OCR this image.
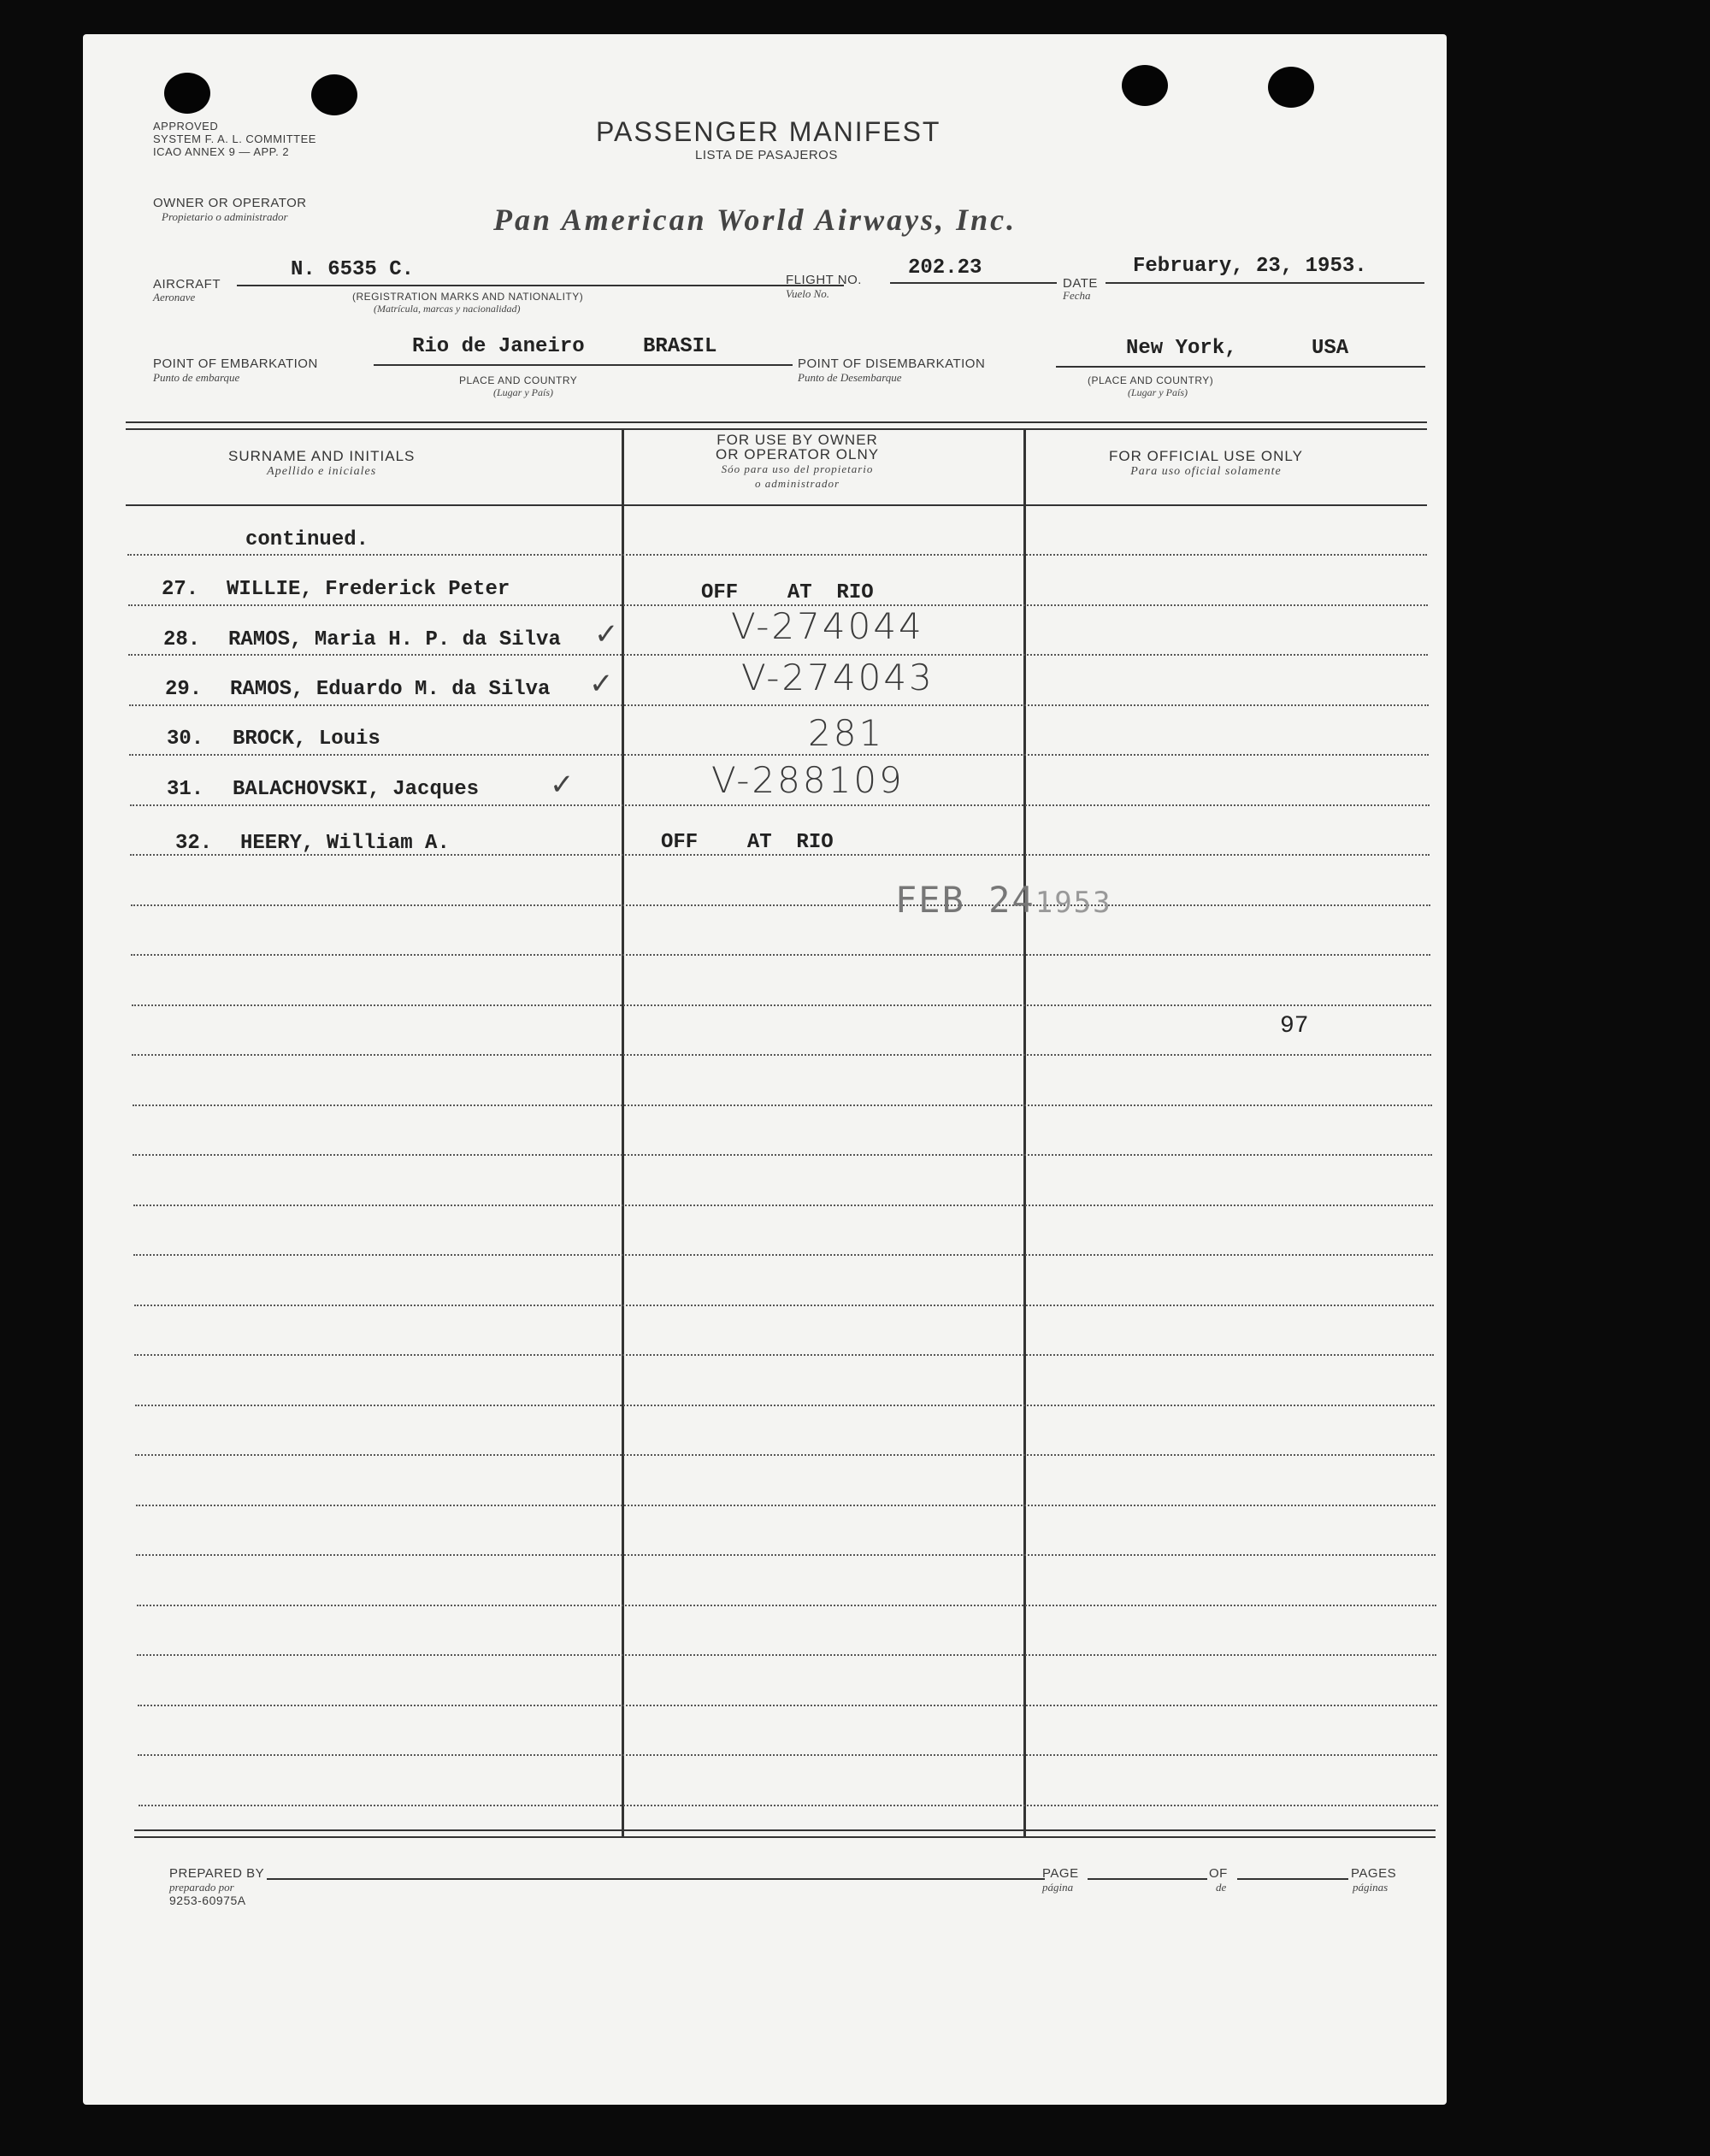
APPROVED
SYSTEM F. A. L. COMMITTEE
ICAO ANNEX 9 — APP. 2
PASSENGER MANIFEST
LISTA DE PASAJEROS
OWNER OR OPERATOR
Propietario o administrador	Pan American World Airways, Inc.
AIRCRAFT
Aeronave
N. 6535 C.
(REGISTRATION MARKS AND NATIONALITY)
(Matrícula, marcas y nacionalidad)
FLIGHT NO.
Vuelo No.
202.23
DATE
Fecha
February, 23, 1953.
POINT OF EMBARKATION
Punto de embarque
Rio de Janeiro	BRASIL
PLACE AND COUNTRY
(Lugar y País)
POINT OF DISEMBARKATION
Punto de Desembarque
New York,	USA
(PLACE AND COUNTRY)
(Lugar y País)
SURNAME AND INITIALS
Apellido e iniciales
FOR USE BY OWNER
OR OPERATOR OLNY
Sóo para uso del propietario
o administrador
FOR OFFICIAL USE ONLY
Para uso oficial solamente
continued.
27. WILLIE, Frederick Peter	OFF    AT  RIO
28. RAMOS, Maria H. P. da Silva ✓	V-274044
29. RAMOS, Eduardo M. da Silva ✓	V-274043
30. BROCK, Louis	281
31. BALACHOVSKI, Jacques ✓	V-288109
32. HEERY, William A.	OFF    AT  RIO
FEB 241953
97
PREPARED BY
preparado por
9253-60975A
PAGE
página
OF
de
PAGES
páginas
